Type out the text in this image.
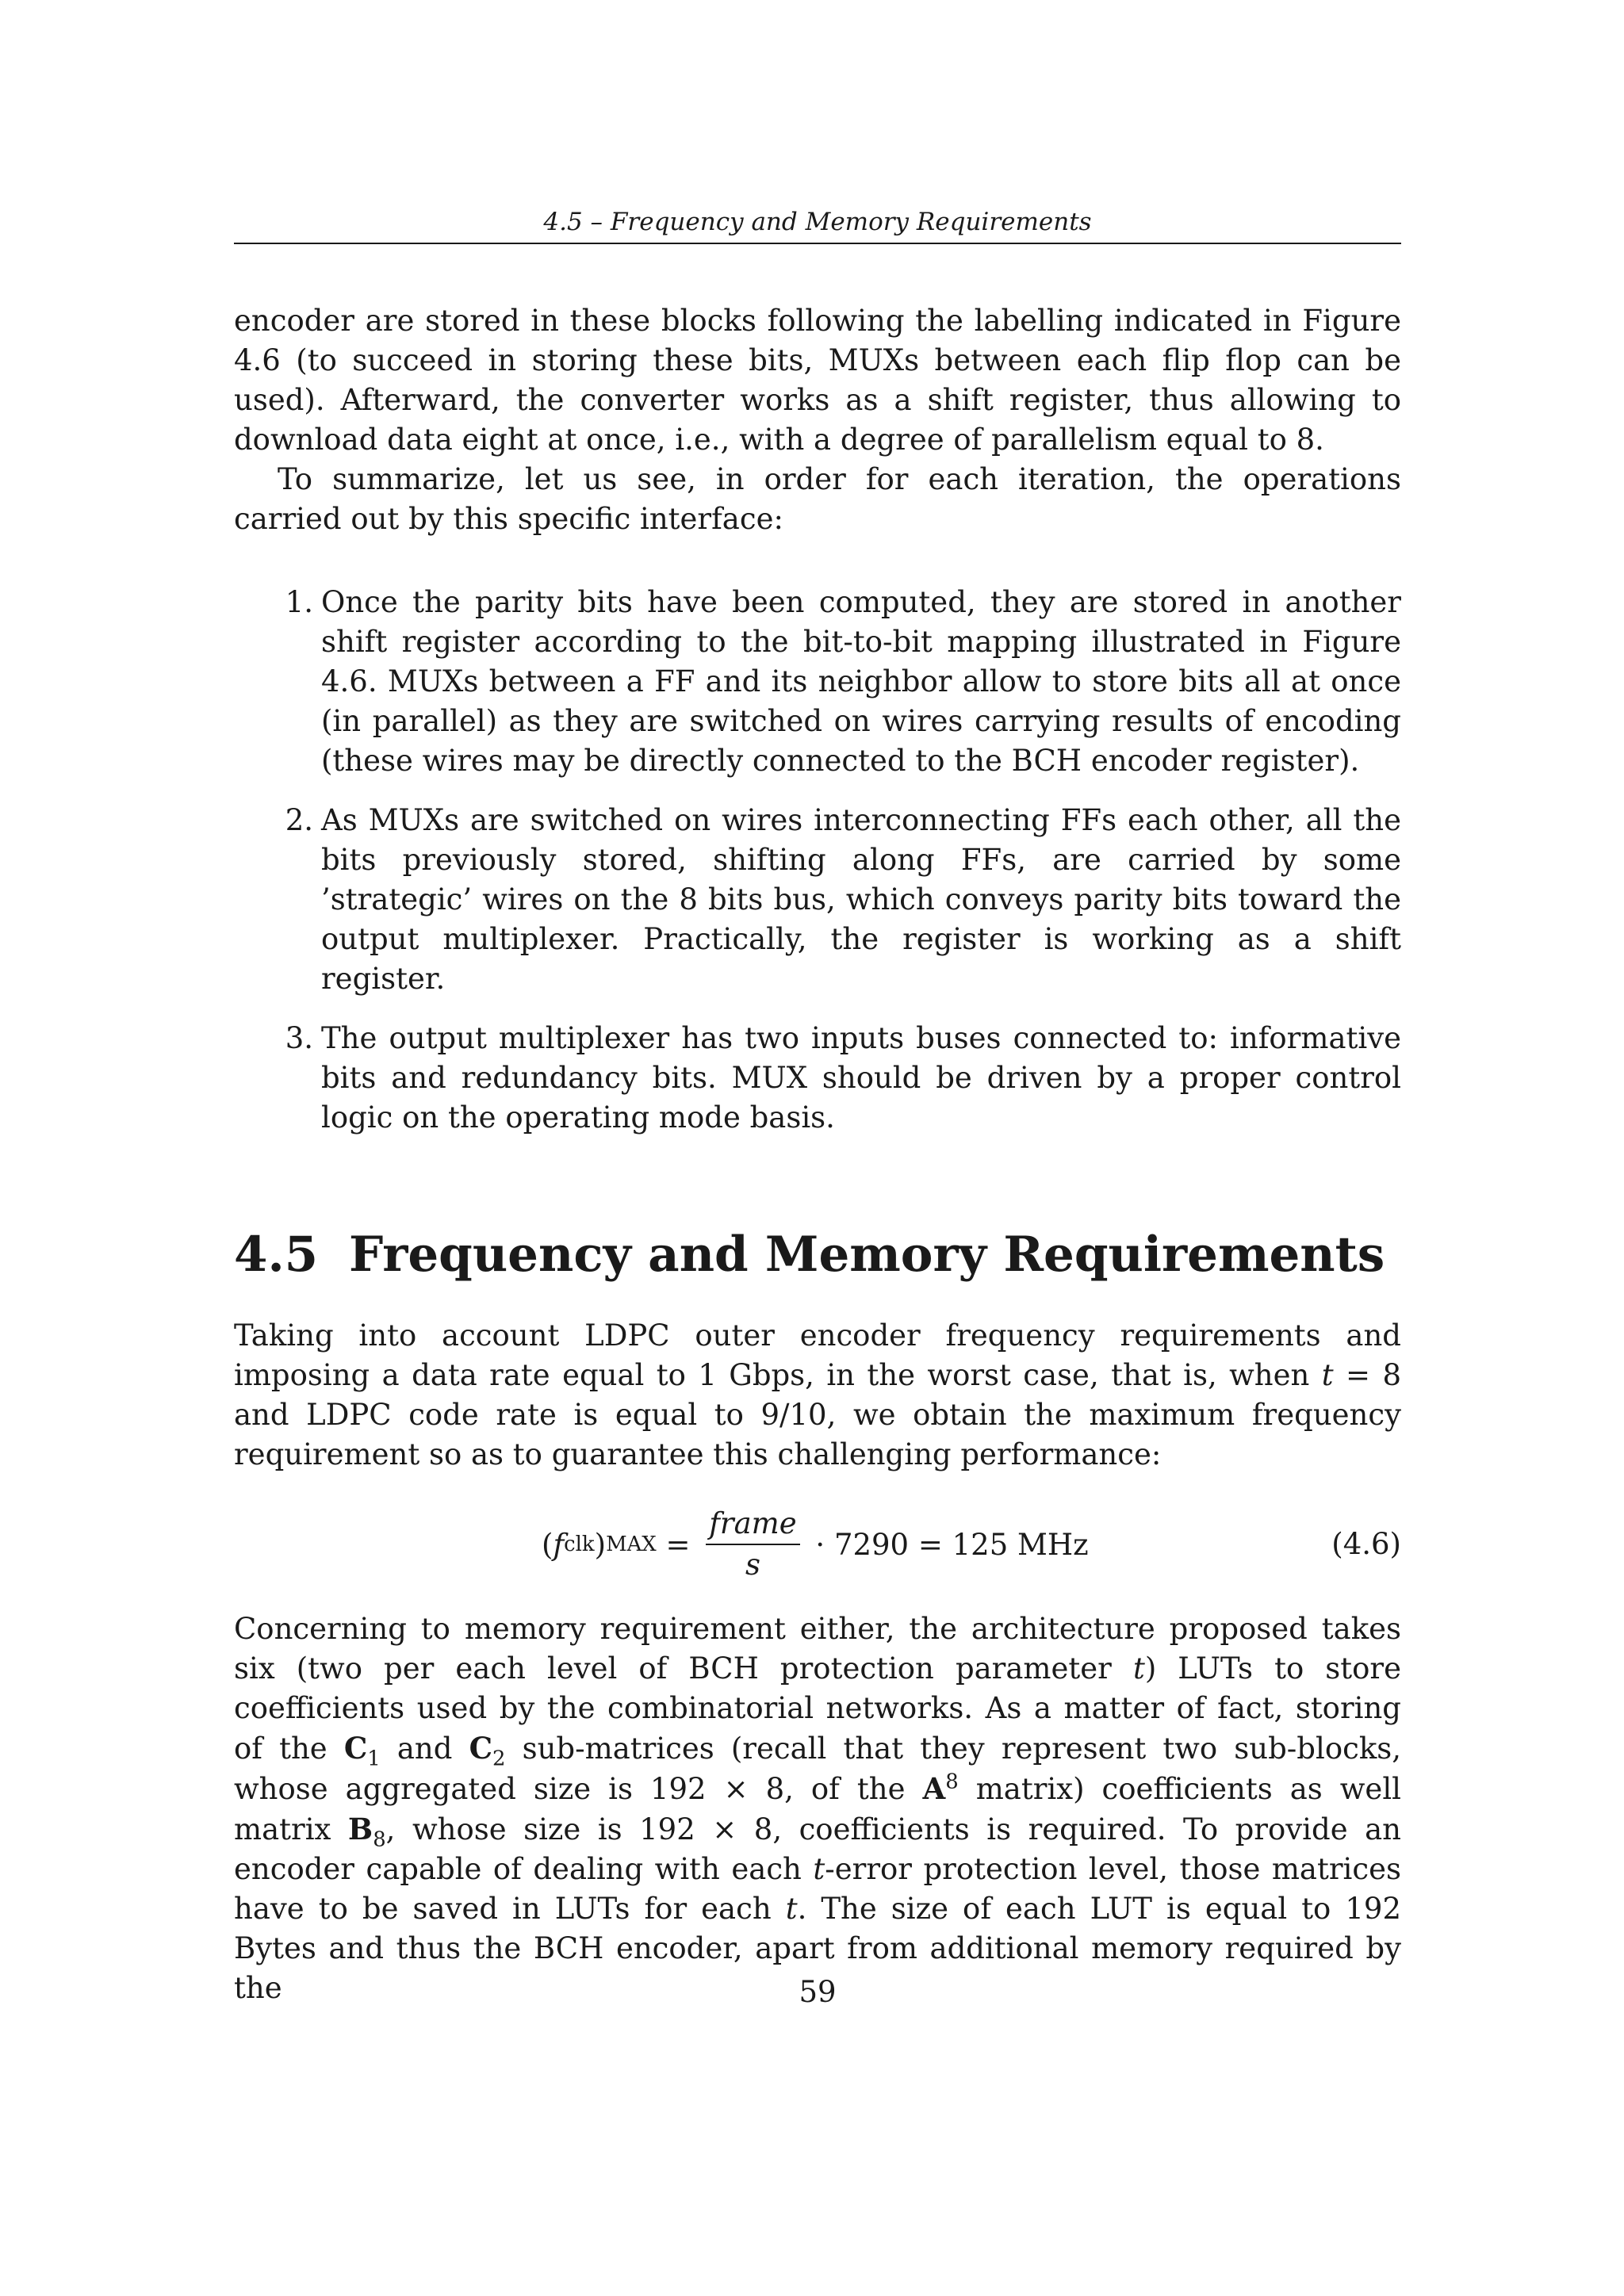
4.5 – Frequency and Memory Requirements

encoder are stored in these blocks following the labelling indicated in Figure 4.6 (to succeed in storing these bits, MUXs between each flip flop can be used). Afterward, the converter works as a shift register, thus allowing to download data eight at once, i.e., with a degree of parallelism equal to 8.

To summarize, let us see, in order for each iteration, the operations carried out by this specific interface:

1. Once the parity bits have been computed, they are stored in another shift register according to the bit-to-bit mapping illustrated in Figure 4.6. MUXs between a FF and its neighbor allow to store bits all at once (in parallel) as they are switched on wires carrying results of encoding (these wires may be directly connected to the BCH encoder register).
2. As MUXs are switched on wires interconnecting FFs each other, all the bits previously stored, shifting along FFs, are carried by some ’strategic’ wires on the 8 bits bus, which conveys parity bits toward the output multiplexer. Practically, the register is working as a shift register.
3. The output multiplexer has two inputs buses connected to: informative bits and redundancy bits. MUX should be driven by a proper control logic on the operating mode basis.
4.5 Frequency and Memory Requirements

Taking into account LDPC outer encoder frequency requirements and imposing a data rate equal to 1 Gbps, in the worst case, that is, when t = 8 and LDPC code rate is equal to 9/10, we obtain the maximum frequency requirement so as to guarantee this challenging performance:

( f clk ) MAX = $\frac{\text{frame}}{s} \cdot 7290 = 125$ MHz	(4.6)

Concerning to memory requirement either, the architecture proposed takes six (two per each level of BCH protection parameter t) LUTs to store coefficients used by the combinatorial networks. As a matter of fact, storing of the $C_1$ and $C_2$ sub-matrices (recall that they represent two sub-blocks, whose aggregated size is 192 × 8, of the $A^8$ matrix) coefficients as well matrix $B_8$, whose size is 192 × 8, coefficients is required. To provide an encoder capable of dealing with each t-error protection level, those matrices have to be saved in LUTs for each t. The size of each LUT is equal to 192 Bytes and thus the BCH encoder, apart from additional memory required by the	59
